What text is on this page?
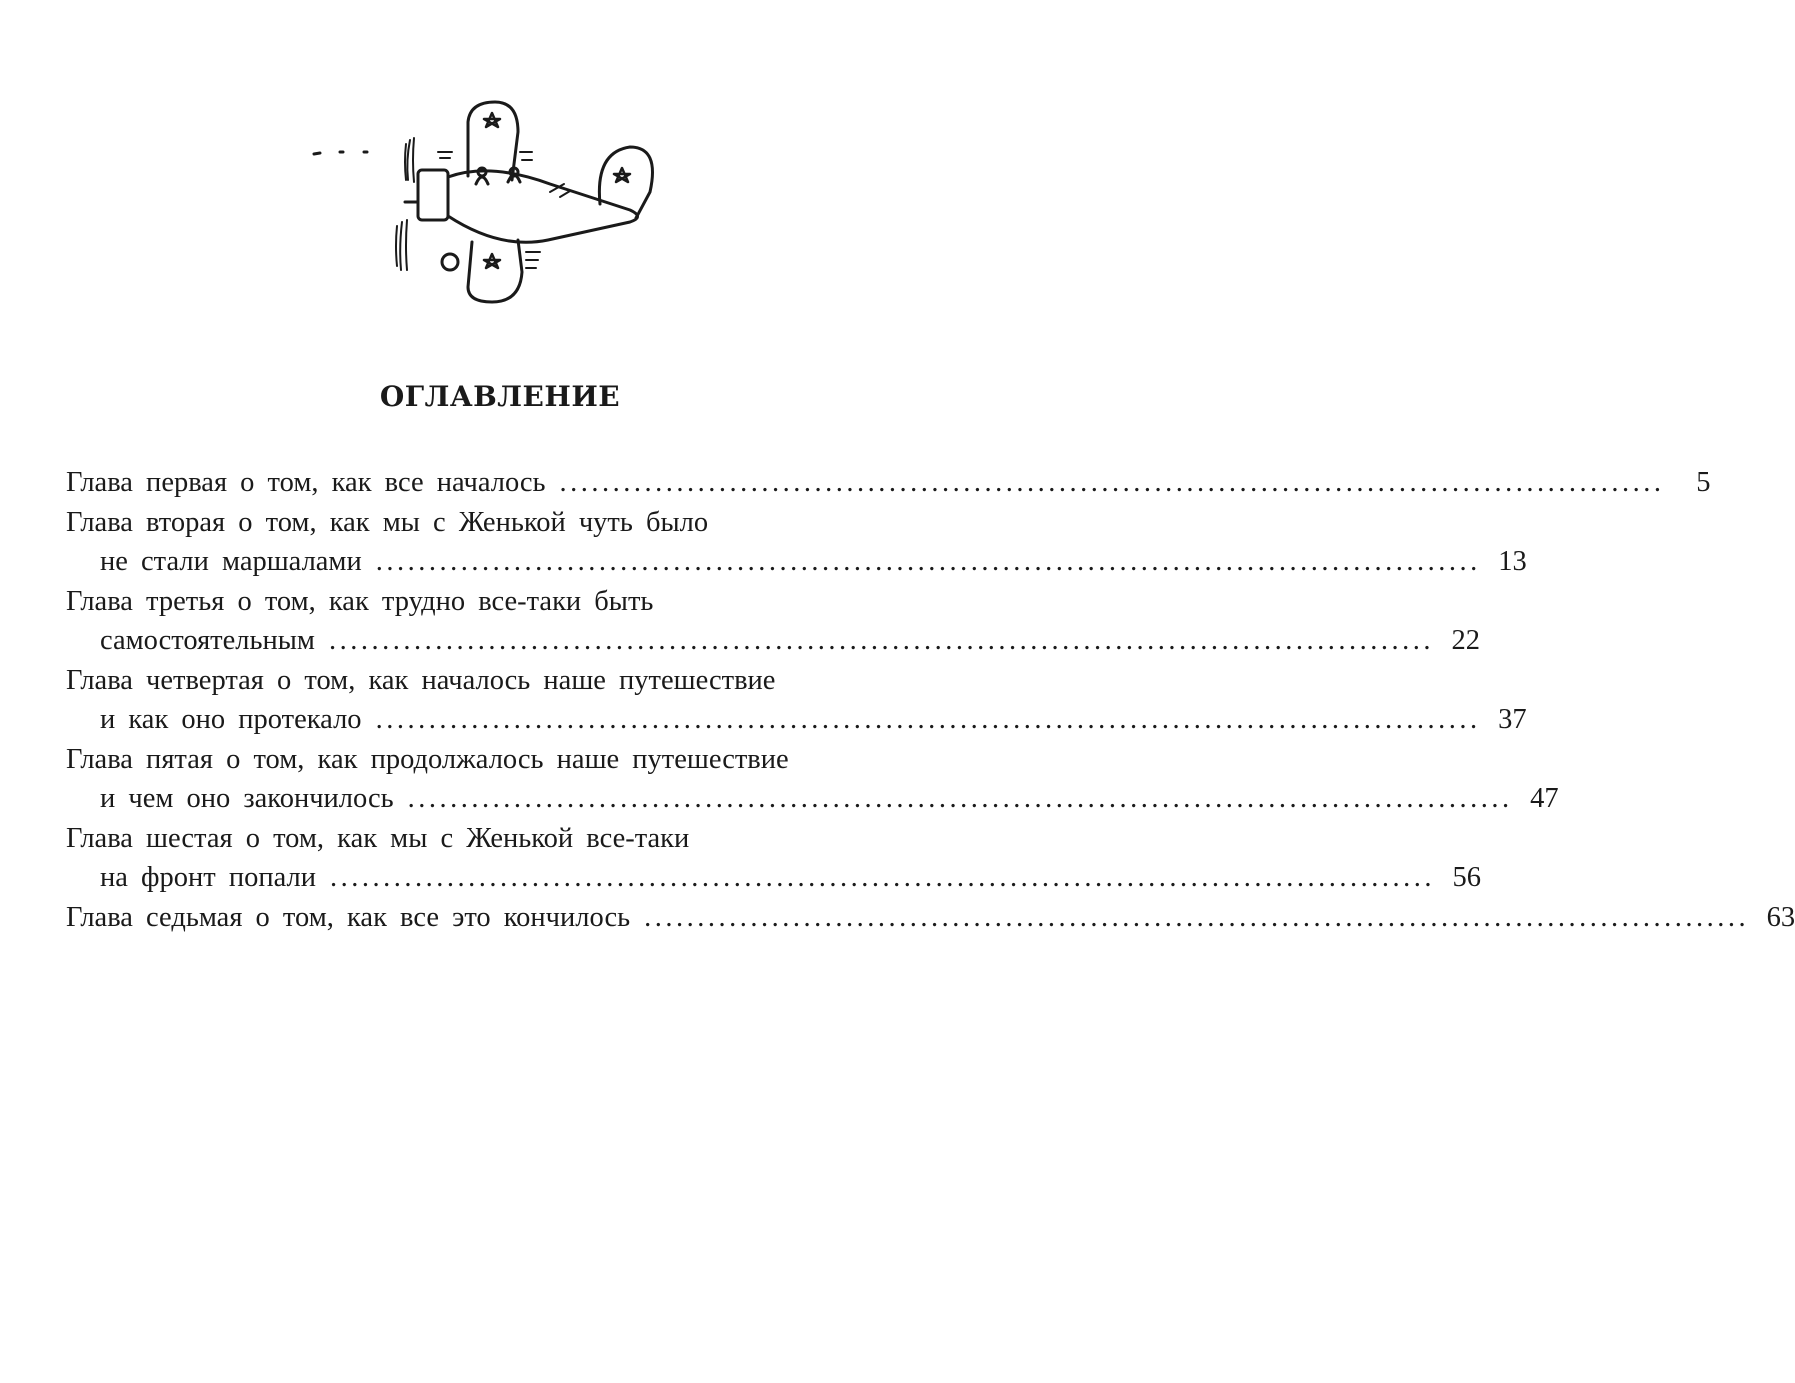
ОГЛАВЛЕНИЕ
Глава первая о том, как все началось ........................................................................................................	5
Глава вторая о том, как мы с Женькой чуть было
не стали маршалами ........................................................................................................ 13
Глава третья о том, как трудно все-таки быть
самостоятельным ........................................................................................................ 22
Глава четвертая о том, как началось наше путешествие
и как оно протекало ........................................................................................................ 37
Глава пятая о том, как продолжалось наше путешествие
и чем оно закончилось ........................................................................................................ 47
Глава шестая о том, как мы с Женькой все-таки
на фронт попали ........................................................................................................ 56
Глава седьмая о том, как все это кончилось ........................................................................................................ 63
